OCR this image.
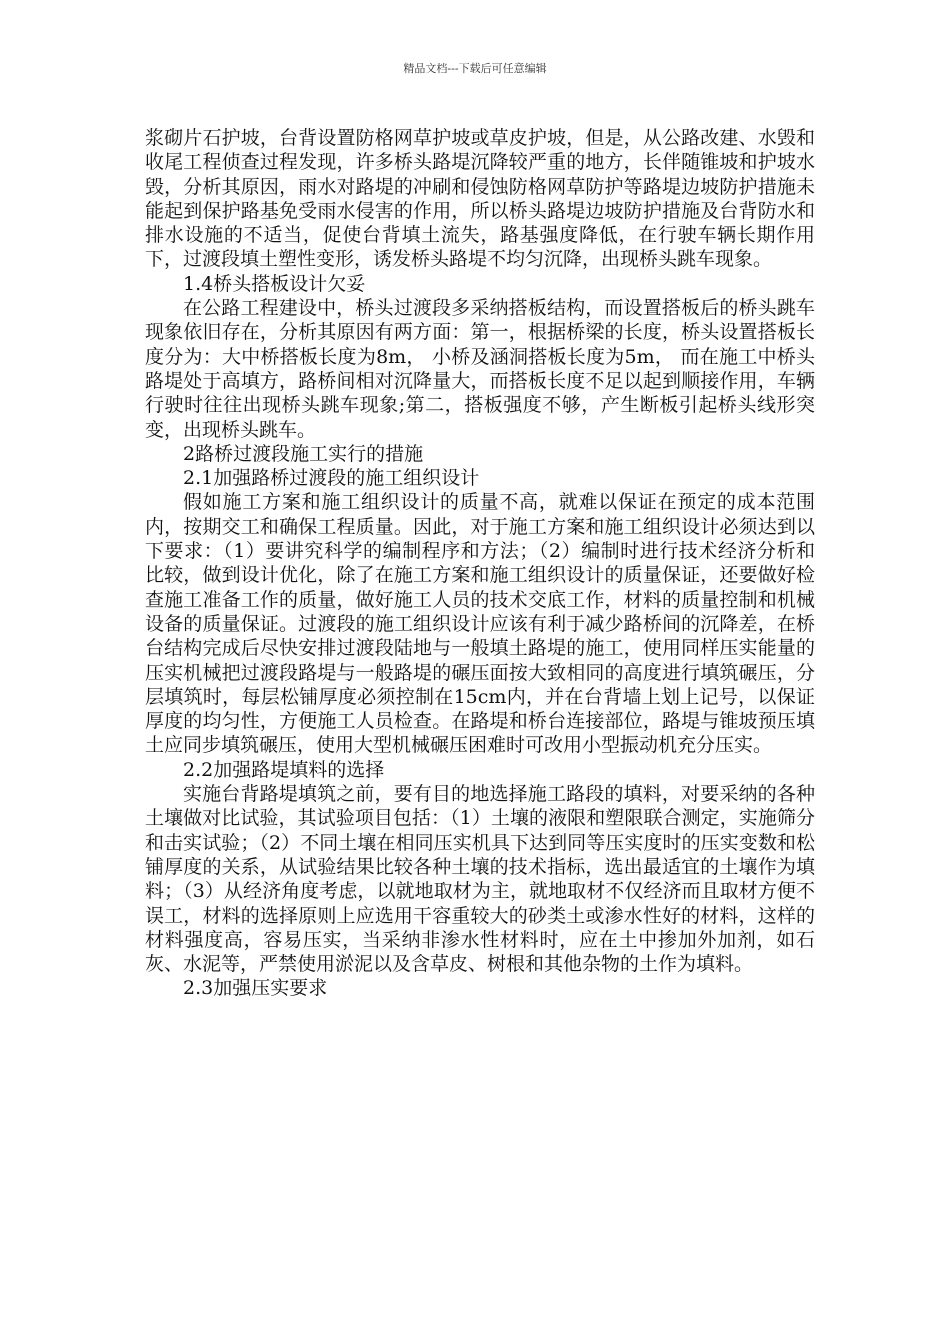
精品文档---下载后可任意编辑

浆砌片石护坡，台背设置防格网草护坡或草皮护坡，但是，从公路改建、水毁和收尾工程侦查过程发现，许多桥头路堤沉降较严重的地方，长伴随锥坡和护坡水毁，分析其原因，雨水对路堤的冲刷和侵蚀防格网草防护等路堤边坡防护措施未能起到保护路基免受雨水侵害的作用，所以桥头路堤边坡防护措施及台背防水和排水设施的不适当，促使台背填土流失，路基强度降低，在行驶车辆长期作用下，过渡段填土塑性变形，诱发桥头路堤不均匀沉降，出现桥头跳车现象。

1.4桥头搭板设计欠妥

在公路工程建设中，桥头过渡段多采纳搭板结构，而设置搭板后的桥头跳车现象依旧存在，分析其原因有两方面：第一，根据桥梁的长度，桥头设置搭板长度分为：大中桥搭板长度为8m， 小桥及涵洞搭板长度为5m， 而在施工中桥头路堤处于高填方，路桥间相对沉降量大，而搭板长度不足以起到顺接作用，车辆行驶时往往出现桥头跳车现象;第二，搭板强度不够，产生断板引起桥头线形突变，出现桥头跳车。

2路桥过渡段施工实行的措施

2.1加强路桥过渡段的施工组织设计

假如施工方案和施工组织设计的质量不高，就难以保证在预定的成本范围内，按期交工和确保工程质量。因此，对于施工方案和施工组织设计必须达到以下要求：（1）要讲究科学的编制程序和方法；（2）编制时进行技术经济分析和比较，做到设计优化，除了在施工方案和施工组织设计的质量保证，还要做好检查施工准备工作的质量，做好施工人员的技术交底工作，材料的质量控制和机械设备的质量保证。过渡段的施工组织设计应该有利于减少路桥间的沉降差，在桥台结构完成后尽快安排过渡段陆地与一般填土路堤的施工，使用同样压实能量的压实机械把过渡段路堤与一般路堤的碾压面按大致相同的高度进行填筑碾压，分层填筑时，每层松铺厚度必须控制在15cm内，并在台背墙上划上记号，以保证厚度的均匀性，方便施工人员检查。在路堤和桥台连接部位，路堤与锥坡预压填土应同步填筑碾压，使用大型机械碾压困难时可改用小型振动机充分压实。

2.2加强路堤填料的选择

实施台背路堤填筑之前，要有目的地选择施工路段的填料，对要采纳的各种土壤做对比试验，其试验项目包括：（1）土壤的液限和塑限联合测定，实施筛分和击实试验；（2）不同土壤在相同压实机具下达到同等压实度时的压实变数和松铺厚度的关系，从试验结果比较各种土壤的技术指标，选出最适宜的土壤作为填料；（3）从经济角度考虑，以就地取材为主，就地取材不仅经济而且取材方便不误工，材料的选择原则上应选用干容重较大的砂类土或渗水性好的材料，这样的材料强度高，容易压实，当采纳非渗水性材料时，应在土中掺加外加剂，如石灰、水泥等，严禁使用淤泥以及含草皮、树根和其他杂物的土作为填料。

2.3加强压实要求
